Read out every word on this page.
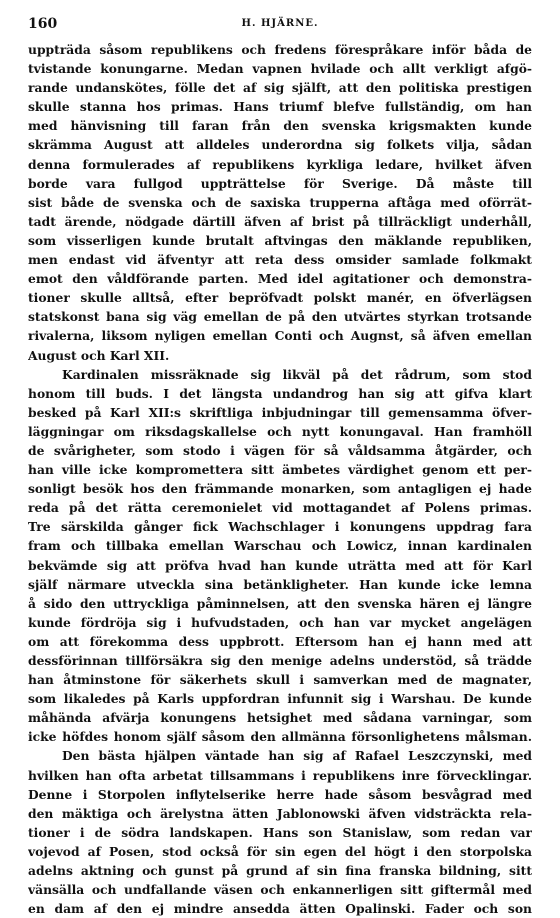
160	H. HJÄRNE.
uppträda såsom republikens och fredens förespråkare inför båda de
tvistande konungarne. Medan vapnen hvilade och allt verkligt afgö-
rande undanskötes, fölle det af sig själft, att den politiska prestigen
skulle stanna hos primas. Hans triumf blefve fullständig, om han
med hänvisning till faran från den svenska krigsmakten kunde
skrämma August att alldeles underordna sig folkets vilja, sådan
denna formulerades af republikens kyrkliga ledare, hvilket äfven
borde vara fullgod uppträttelse för Sverige. Då måste till
sist både de svenska och de saxiska trupperna aftåga med oförrät-
tadt ärende, nödgade därtill äfven af brist på tillräckligt underhåll,
som visserligen kunde brutalt aftvingas den mäklande republiken,
men endast vid äfventyr att reta dess omsider samlade folkmakt
emot den våldförande parten. Med idel agitationer och demonstra-
tioner skulle alltså, efter bepröfvadt polskt manér, en öfverlägsen
statskonst bana sig väg emellan de på den utvärtes styrkan trotsande
rivalerna, liksom nyligen emellan Conti och Augnst, så äfven emellan
August och Karl XII.
Kardinalen missräknade sig likväl på det rådrum, som stod
honom till buds. I det längsta undandrog han sig att gifva klart
besked på Karl XII:s skriftliga inbjudningar till gemensamma öfver-
läggningar om riksdagskallelse och nytt konungaval. Han framhöll
de svårigheter, som stodo i vägen för så våldsamma åtgärder, och
han ville icke kompromettera sitt ämbetes värdighet genom ett per-
sonligt besök hos den främmande monarken, som antagligen ej hade
reda på det rätta ceremonielet vid mottagandet af Polens primas.
Tre särskilda gånger fick Wachschlager i konungens uppdrag fara
fram och tillbaka emellan Warschau och Lowicz, innan kardinalen
bekvämde sig att pröfva hvad han kunde uträtta med att för Karl
själf närmare utveckla sina betänkligheter. Han kunde icke lemna
å sido den uttryckliga påminnelsen, att den svenska hären ej längre
kunde fördröja sig i hufvudstaden, och han var mycket angelägen
om att förekomma dess uppbrott. Eftersom han ej hann med att
dessförinnan tillförsäkra sig den menige adelns understöd, så trädde
han åtminstone för säkerhets skull i samverkan med de magnater,
som likaledes på Karls uppfordran infunnit sig i Warshau. De kunde
måhända afvärja konungens hetsighet med sådana varningar, som
icke höfdes honom själf såsom den allmänna försonlighetens målsman.
Den bästa hjälpen väntade han sig af Rafael Leszczynski, med
hvilken han ofta arbetat tillsammans i republikens inre förvecklingar.
Denne i Storpolen inflytelserike herre hade såsom besvågrad med
den mäktiga och ärelystna ätten Jablonowski äfven vidsträckta rela-
tioner i de södra landskapen. Hans son Stanislaw, som redan var
vojevod af Posen, stod också för sin egen del högt i den storpolska
adelns aktning och gunst på grund af sin fina franska bildning, sitt
vänsälla och undfallande väsen och enkannerligen sitt giftermål med
en dam af den ej mindre ansedda ätten Opalinski. Fader och son
